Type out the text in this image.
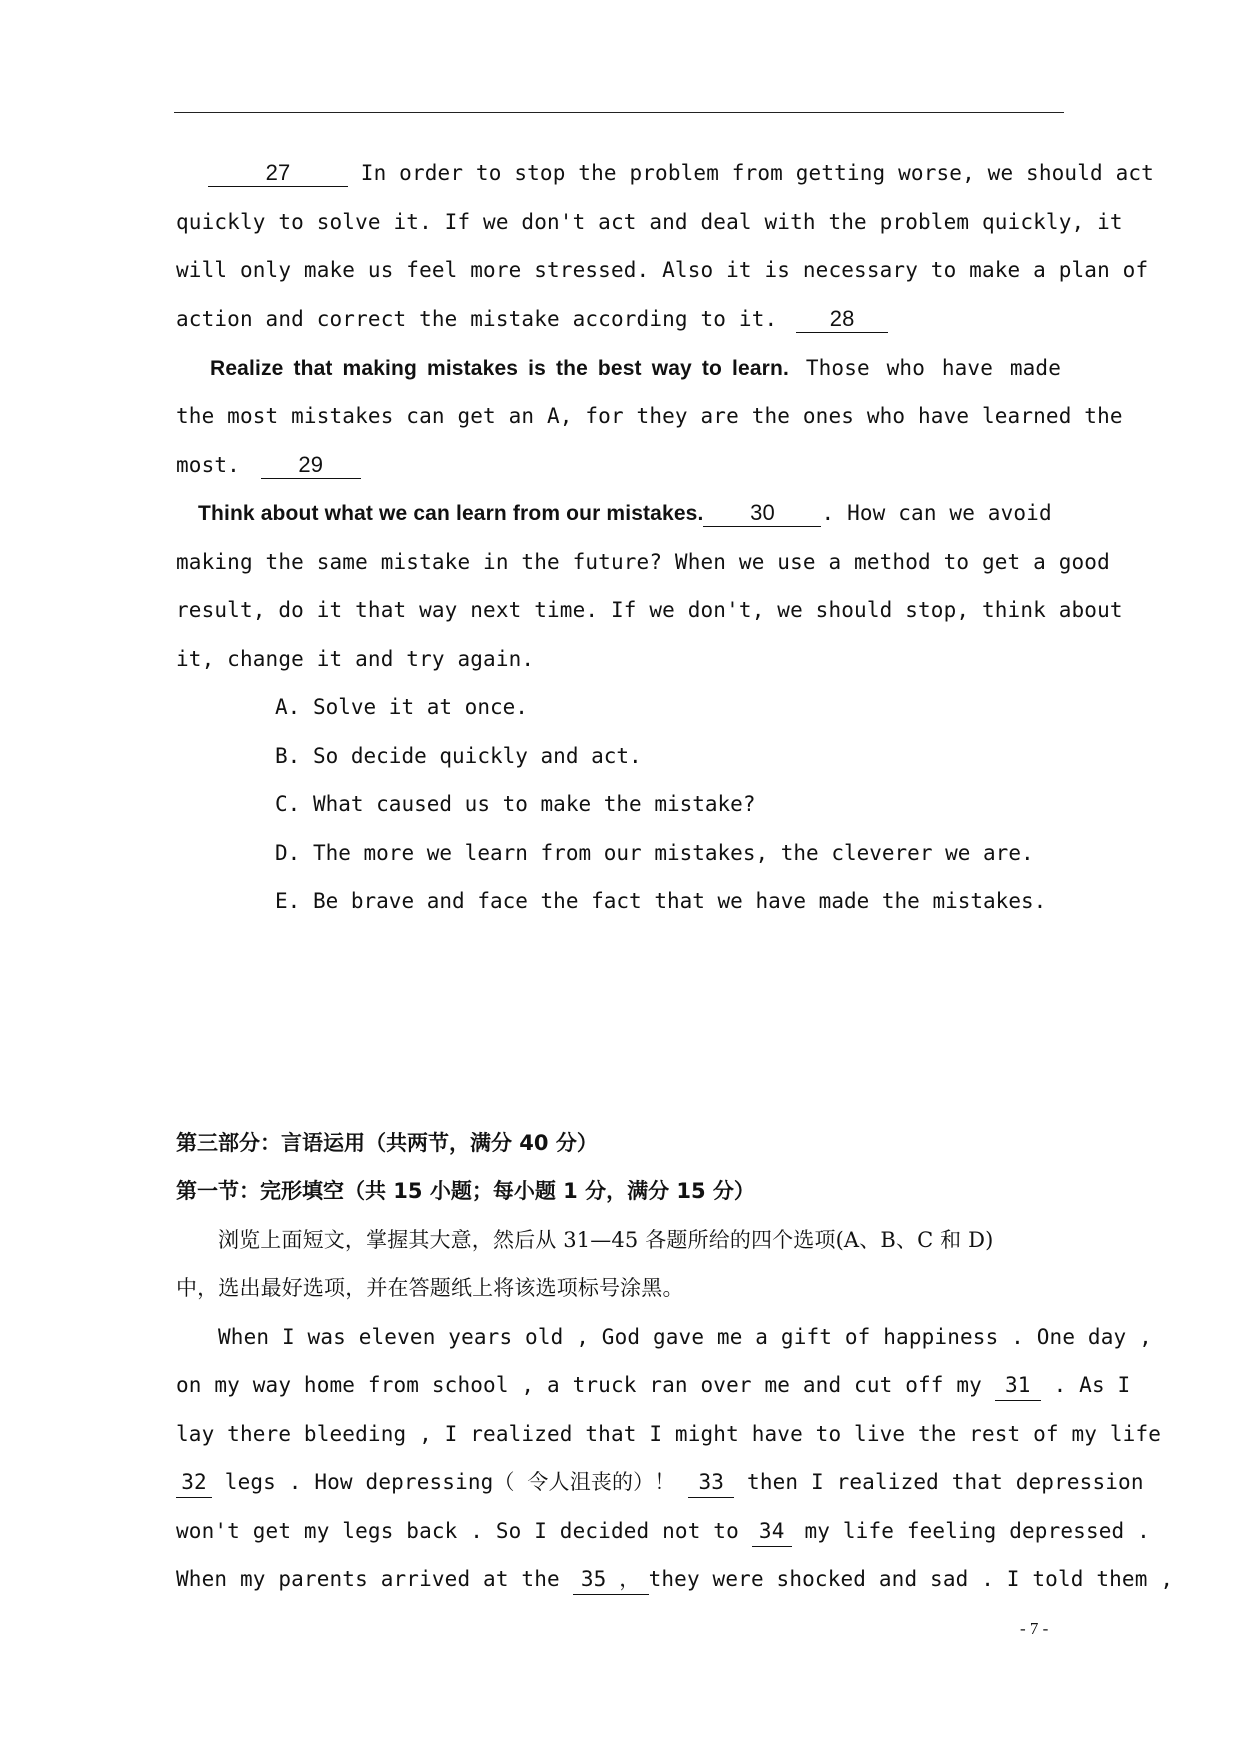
27	In order to stop the problem from getting worse, we should act
quickly to solve it. If we don't act and deal with the problem quickly, it
will only make us feel more stressed. Also it is necessary to make a plan of
action and correct the mistake according to it. 28
Realize that making mistakes is the best way to learn. Those who have made
the most mistakes can get an A, for they are the ones who have learned the
most.	29
Think about what we can learn from our mistakes. 30 . How can we avoid
making the same mistake in the future? When we use a method to get a good
result, do it that way next time. If we don't, we should stop, think about
it, change it and try again.
A. Solve it at once.
B. So decide quickly and act.
C. What caused us to make the mistake?
D. The more we learn from our mistakes, the cleverer we are.
E. Be brave and face the fact that we have made the mistakes.
第三部分：言语运用（共两节，满分 40 分）
第一节：完形填空（共 15 小题；每小题 1 分，满分 15 分）
浏览上面短文，掌握其大意，然后从 31—45 各题所给的四个选项(A、B、C 和 D)
中，选出最好选项，并在答题纸上将该选项标号涂黑。
When I was eleven years old , God gave me a gift of happiness . One day ,
on my way home from school , a truck ran over me and cut off my 31 . As I
lay there bleeding , I realized that I might have to live the rest of my life
32 legs . How depressing（ 令人沮丧的）！ 33 then I realized that depression
won't get my legs back . So I decided not to 34 my life feeling depressed .
When my parents arrived at the 35 ， they were shocked and sad . I told them ,
- 7 -
